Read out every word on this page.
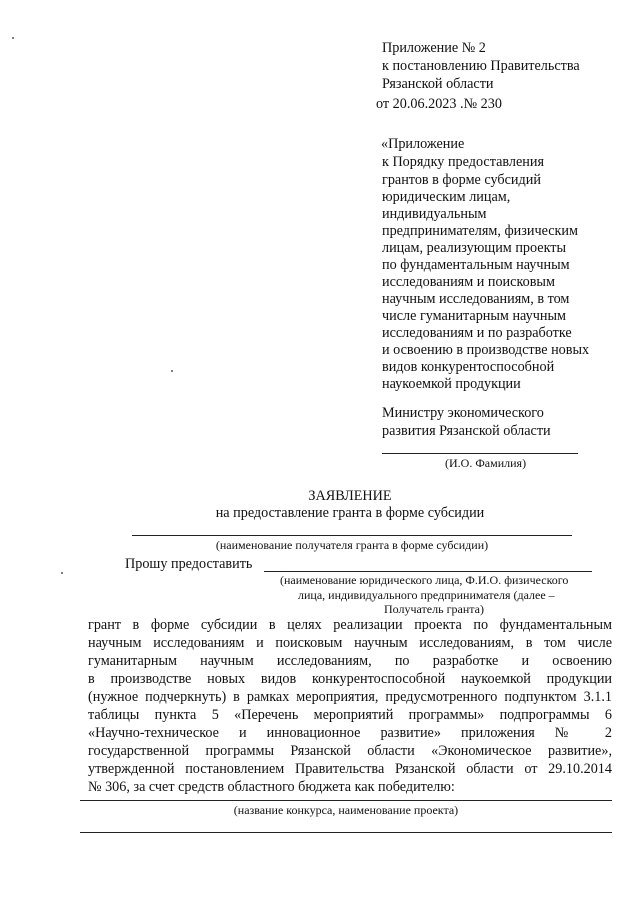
Приложение № 2
к постановлению Правительства
Рязанской области
от 20.06.2023 .№ 230
«Приложение
к Порядку предоставления
грантов в форме субсидий
юридическим лицам,
индивидуальным
предпринимателям, физическим
лицам, реализующим проекты
по фундаментальным научным
исследованиям и поисковым
научным исследованиям, в том
числе гуманитарным научным
исследованиям и по разработке
и освоению в производстве новых
видов конкурентоспособной
наукоемкой продукции
Министру экономического
развития Рязанской области
(И.О. Фамилия)
ЗАЯВЛЕНИЕ
на предоставление гранта в форме субсидии
(наименование получателя гранта в форме субсидии)
Прошу предоставить
(наименование юридического лица, Ф.И.О. физического
лица, индивидуального предпринимателя (далее –
Получатель гранта)
грант в форме субсидии в целях реализации проекта по фундаментальным
научным исследованиям и поисковым научным исследованиям, в том числе
гуманитарным научным исследованиям, по разработке и освоению
в производстве новых видов конкурентоспособной наукоемкой продукции
(нужное подчеркнуть) в рамках мероприятия, предусмотренного подпунктом 3.1.1
таблицы пункта 5 «Перечень мероприятий программы» подпрограммы 6
«Научно-техническое и инновационное развитие» приложения № 2
государственной программы Рязанской области «Экономическое развитие»,
утвержденной постановлением Правительства Рязанской области от 29.10.2014
№ 306, за счет средств областного бюджета как победителю:
(название конкурса, наименование проекта)
